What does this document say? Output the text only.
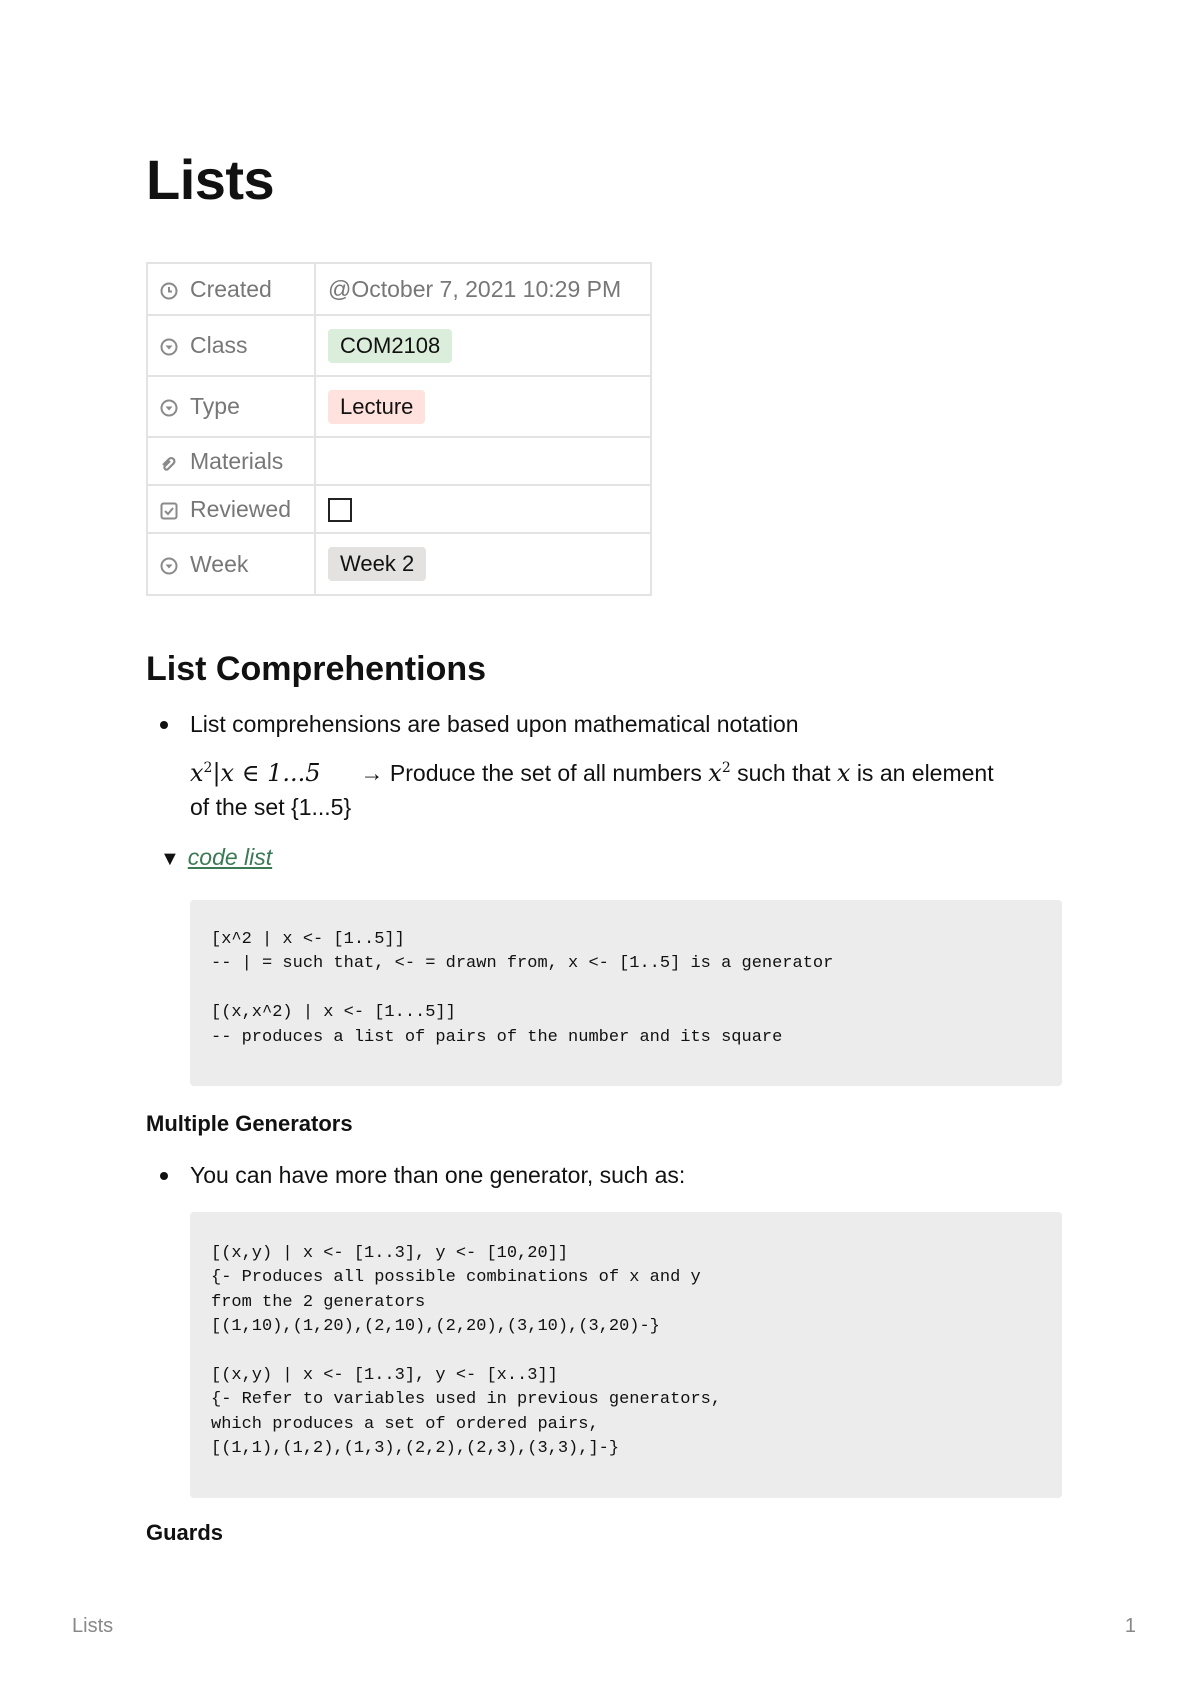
Lists
Created	@October 7, 2021 10:29 PM
Class	COM2108
Type	Lecture
Materials	
Reviewed	
Week	Week 2
List Comprehentions
List comprehensions are based upon mathematical notation
$x^2|x$ ∈ 1...5 → Produce the set of all numbers $x^2$ such that x is an element
of the set {1...5}
▼ code list
[x^2 | x <- [1..5]]
-- | = such that, <- = drawn from, x <- [1..5] is a generator
[(x,x^2) | x <- [1...5]]
-- produces a list of pairs of the number and its square
Multiple Generators
You can have more than one generator, such as:
[(x,y) | x <- [1..3], y <- [10,20]]
{- Produces all possible combinations of x and y
from the 2 generators
[(1,10),(1,20),(2,10),(2,20),(3,10),(3,20)-}
[(x,y) | x <- [1..3], y <- [x..3]]
{- Refer to variables used in previous generators,
which produces a set of ordered pairs,
[(1,1),(1,2),(1,3),(2,2),(2,3),(3,3),]-}
Guards
Lists	1
